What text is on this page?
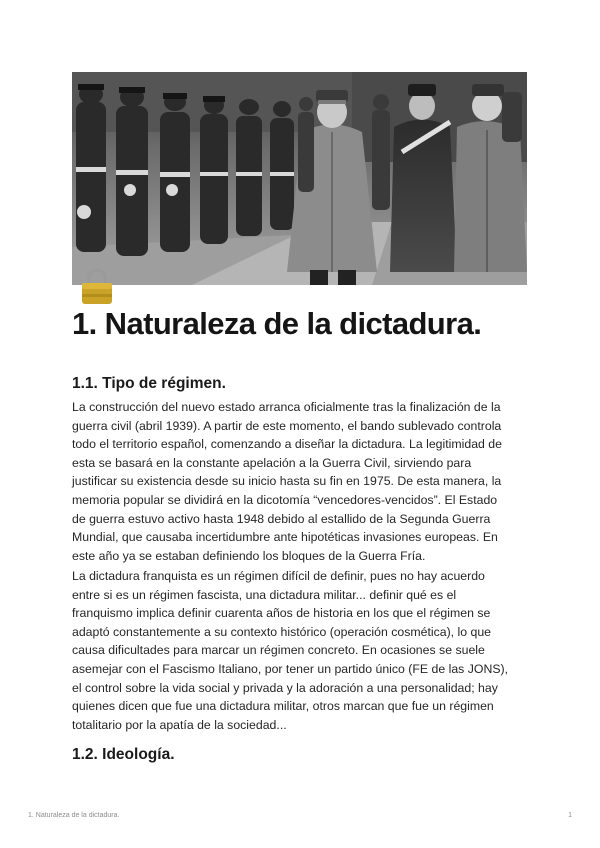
1. Naturaleza de la dictadura.
1.1. Tipo de régimen.
La construcción del nuevo estado arranca oficialmente tras la finalización de la
guerra civil (abril 1939). A partir de este momento, el bando sublevado controla
todo el territorio español, comenzando a diseñar la dictadura. La legitimidad de
esta se basará en la constante apelación a la Guerra Civil, sirviendo para
justificar su existencia desde su inicio hasta su fin en 1975. De esta manera, la
memoria popular se dividirá en la dicotomía “vencedores-vencidos”. El Estado
de guerra estuvo activo hasta 1948 debido al estallido de la Segunda Guerra
Mundial, que causaba incertidumbre ante hipotéticas invasiones europeas. En
este año ya se estaban definiendo los bloques de la Guerra Fría.
La dictadura franquista es un régimen difícil de definir, pues no hay acuerdo
entre si es un régimen fascista, una dictadura militar... definir qué es el
franquismo implica definir cuarenta años de historia en los que el régimen se
adaptó constantemente a su contexto histórico (operación cosmética), lo que
causa dificultades para marcar un régimen concreto. En ocasiones se suele
asemejar con el Fascismo Italiano, por tener un partido único (FE de las JONS),
el control sobre la vida social y privada y la adoración a una personalidad; hay
quienes dicen que fue una dictadura militar, otros marcan que fue un régimen
totalitario por la apatía de la sociedad...
1.2. Ideología.
1. Naturaleza de la dictadura.	1
